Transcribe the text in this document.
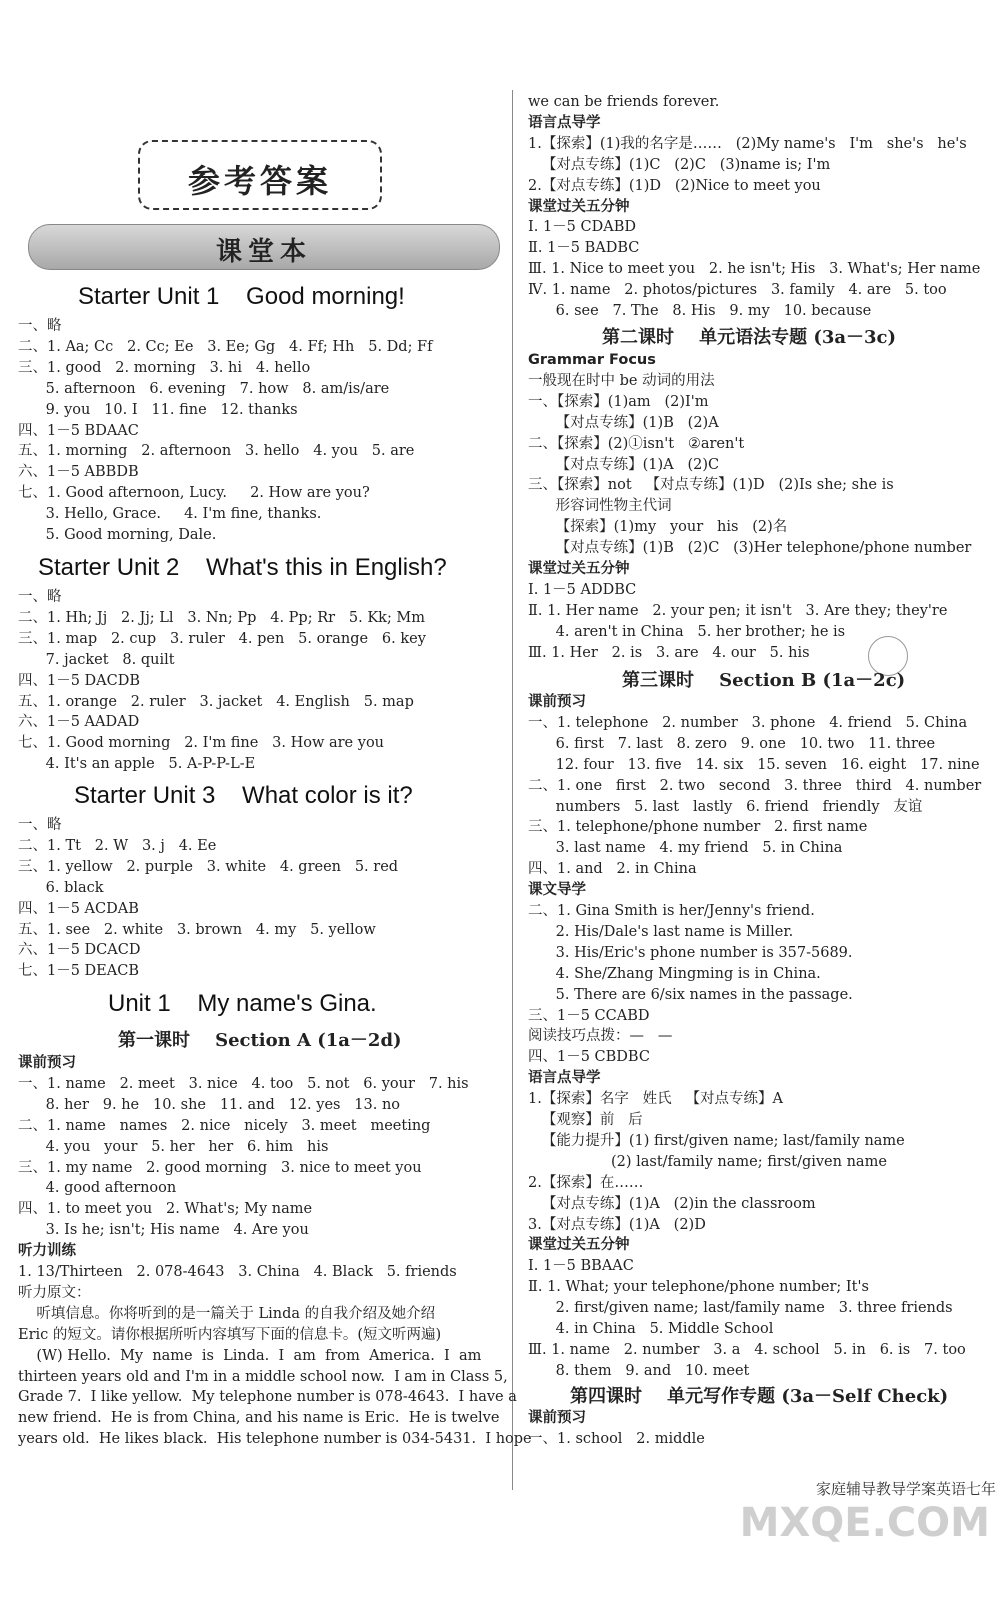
参考答案
课堂本
Starter Unit 1    Good morning!
一、略
二、1. Aa; Cc   2. Cc; Ee   3. Ee; Gg   4. Ff; Hh   5. Dd; Ff
三、1. good   2. morning   3. hi   4. hello
5. afternoon   6. evening   7. how   8. am/is/are
9. you   10. I   11. fine   12. thanks
四、1－5 BDAAC
五、1. morning   2. afternoon   3. hello   4. you   5. are
六、1－5 ABBDB
七、1. Good afternoon, Lucy.     2. How are you?
3. Hello, Grace.     4. I'm fine, thanks.
5. Good morning, Dale.
Starter Unit 2    What's this in English?
一、略
二、1. Hh; Jj   2. Jj; Ll   3. Nn; Pp   4. Pp; Rr   5. Kk; Mm
三、1. map   2. cup   3. ruler   4. pen   5. orange   6. key
7. jacket   8. quilt
四、1－5 DACDB
五、1. orange   2. ruler   3. jacket   4. English   5. map
六、1－5 AADAD
七、1. Good morning   2. I'm fine   3. How are you
4. It's an apple   5. A-P-P-L-E
Starter Unit 3    What color is it?
一、略
二、1. Tt   2. W   3. j   4. Ee
三、1. yellow   2. purple   3. white   4. green   5. red
6. black
四、1－5 ACDAB
五、1. see   2. white   3. brown   4. my   5. yellow
六、1－5 DCACD
七、1－5 DEACB
Unit 1    My name's Gina.
第一课时    Section A (1a－2d)
课前预习
一、1. name   2. meet   3. nice   4. too   5. not   6. your   7. his
8. her   9. he   10. she   11. and   12. yes   13. no
二、1. name   names   2. nice   nicely   3. meet   meeting
4. you   your   5. her   her   6. him   his
三、1. my name   2. good morning   3. nice to meet you
4. good afternoon
四、1. to meet you   2. What's; My name
3. Is he; isn't; His name   4. Are you
听力训练
1. 13/Thirteen   2. 078-4643   3. China   4. Black   5. friends
听力原文：
听填信息。你将听到的是一篇关于 Linda 的自我介绍及她介绍
Eric 的短文。请你根据所听内容填写下面的信息卡。(短文听两遍)
(W) Hello.  My  name  is  Linda.  I  am  from  America.  I  am
thirteen years old and I'm in a middle school now.  I am in Class 5,
Grade 7.  I like yellow.  My telephone number is 078-4643.  I have a
new friend.  He is from China, and his name is Eric.  He is twelve
years old.  He likes black.  His telephone number is 034-5431.  I hope
we can be friends forever.
语言点导学
1.【探索】(1)我的名字是……   (2)My name's   I'm   she's   he's
【对点专练】(1)C   (2)C   (3)name is; I'm
2.【对点专练】(1)D   (2)Nice to meet you
课堂过关五分钟
Ⅰ. 1－5 CDABD
Ⅱ. 1－5 BADBC
Ⅲ. 1. Nice to meet you   2. he isn't; His   3. What's; Her name
Ⅳ. 1. name   2. photos/pictures   3. family   4. are   5. too
6. see   7. The   8. His   9. my   10. because
第二课时    单元语法专题 (3a－3c)
Grammar Focus
一般现在时中 be 动词的用法
一、【探索】(1)am   (2)I'm
【对点专练】(1)B   (2)A
二、【探索】(2)①isn't   ②aren't
【对点专练】(1)A   (2)C
三、【探索】not   【对点专练】(1)D   (2)Is she; she is
形容词性物主代词
【探索】(1)my   your   his   (2)名
【对点专练】(1)B   (2)C   (3)Her telephone/phone number
课堂过关五分钟
Ⅰ. 1－5 ADDBC
Ⅱ. 1. Her name   2. your pen; it isn't   3. Are they; they're
4. aren't in China   5. her brother; he is
Ⅲ. 1. Her   2. is   3. are   4. our   5. his
第三课时    Section B (1a－2c)
课前预习
一、1. telephone   2. number   3. phone   4. friend   5. China
6. first   7. last   8. zero   9. one   10. two   11. three
12. four   13. five   14. six   15. seven   16. eight   17. nine
二、1. one   first   2. two   second   3. three   third   4. number
numbers   5. last   lastly   6. friend   friendly   友谊
三、1. telephone/phone number   2. first name
3. last name   4. my friend   5. in China
四、1. and   2. in China
课文导学
二、1. Gina Smith is her/Jenny's friend.
2. His/Dale's last name is Miller.
3. His/Eric's phone number is 357-5689.
4. She/Zhang Mingming is in China.
5. There are 6/six names in the passage.
三、1－5 CCABD
阅读技巧点拨：—   —
四、1－5 CBDBC
语言点导学
1.【探索】名字   姓氏   【对点专练】A
【观察】前   后
【能力提升】(1) first/given name; last/family name
(2) last/family name; first/given name
2.【探索】在……
【对点专练】(1)A   (2)in the classroom
3.【对点专练】(1)A   (2)D
课堂过关五分钟
Ⅰ. 1－5 BBAAC
Ⅱ. 1. What; your telephone/phone number; It's
2. first/given name; last/family name   3. three friends
4. in China   5. Middle School
Ⅲ. 1. name   2. number   3. a   4. school   5. in   6. is   7. too
8. them   9. and   10. meet
第四课时    单元写作专题 (3a－Self Check)
课前预习
一、1. school   2. middle
家庭辅导教导学案英语七年
MXQE.COM
